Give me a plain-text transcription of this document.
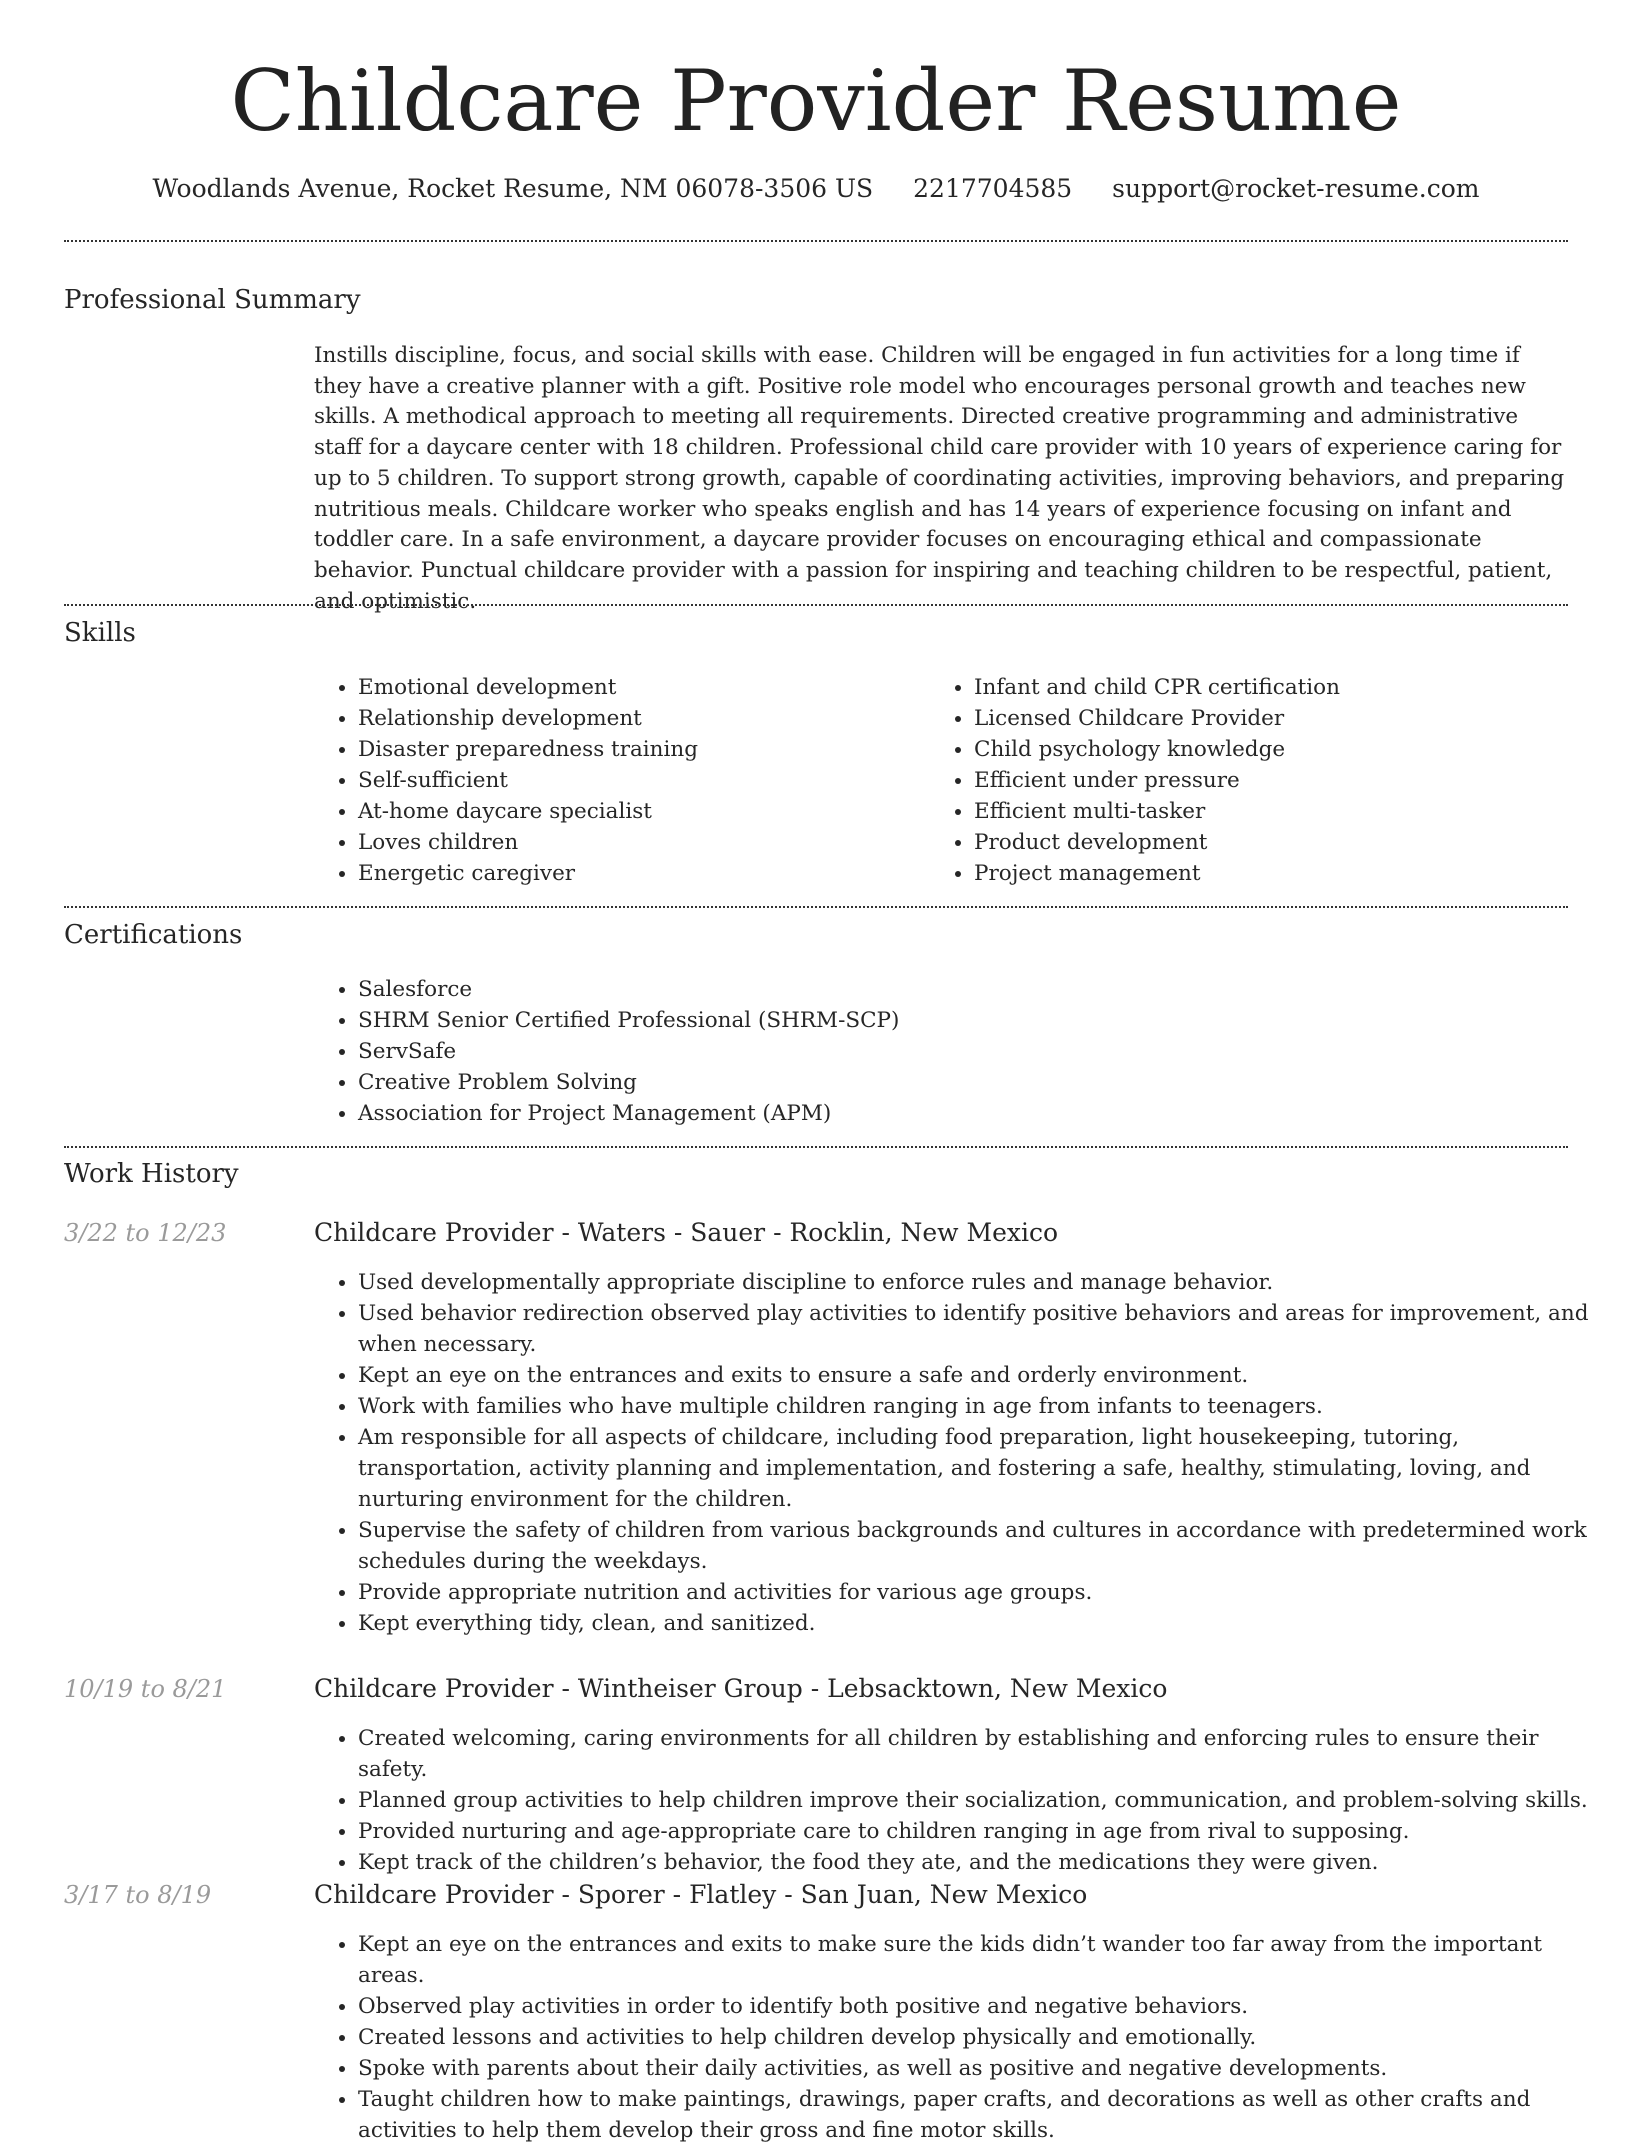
Childcare Provider Resume
Woodlands Avenue, Rocket Resume, NM 06078-3506 US 2217704585 support@rocket-resume.com
Professional Summary

Instills discipline, focus, and social skills with ease. Children will be engaged in fun activities for a long time if they have a creative planner with a gift. Positive role model who encourages personal growth and teaches new skills. A methodical approach to meeting all requirements. Directed creative programming and administrative staff for a daycare center with 18 children. Professional child care provider with 10 years of experience caring for up to 5 children. To support strong growth, capable of coordinating activities, improving behaviors, and preparing nutritious meals. Childcare worker who speaks english and has 14 years of experience focusing on infant and toddler care. In a safe environment, a daycare provider focuses on encouraging ethical and compassionate behavior. Punctual childcare provider with a passion for inspiring and teaching children to be respectful, patient, and optimistic.

Skills
• Emotional development
• Relationship development
• Disaster preparedness training
• Self-sufficient
• At-home daycare specialist
• Loves children
• Energetic caregiver
• Infant and child CPR certification
• Licensed Childcare Provider
• Child psychology knowledge
• Efficient under pressure
• Efficient multi-tasker
• Product development
• Project management
Certifications
• Salesforce
• SHRM Senior Certified Professional (SHRM-SCP)
• ServSafe
• Creative Problem Solving
• Association for Project Management (APM)
Work History
3/22 to 12/23	Childcare Provider - Waters - Sauer - Rocklin, New Mexico
• Used developmentally appropriate discipline to enforce rules and manage behavior.
• Used behavior redirection observed play activities to identify positive behaviors and areas for improvement, and when necessary.
• Kept an eye on the entrances and exits to ensure a safe and orderly environment.
• Work with families who have multiple children ranging in age from infants to teenagers.
• Am responsible for all aspects of childcare, including food preparation, light housekeeping, tutoring, transportation, activity planning and implementation, and fostering a safe, healthy, stimulating, loving, and nurturing environment for the children.
• Supervise the safety of children from various backgrounds and cultures in accordance with predetermined work schedules during the weekdays.
• Provide appropriate nutrition and activities for various age groups.
• Kept everything tidy, clean, and sanitized.
10/19 to 8/21	Childcare Provider - Wintheiser Group - Lebsacktown, New Mexico
• Created welcoming, caring environments for all children by establishing and enforcing rules to ensure their safety.
• Planned group activities to help children improve their socialization, communication, and problem-solving skills.
• Provided nurturing and age-appropriate care to children ranging in age from rival to supposing.
• Kept track of the children’s behavior, the food they ate, and the medications they were given.
3/17 to 8/19	Childcare Provider - Sporer - Flatley - San Juan, New Mexico
• Kept an eye on the entrances and exits to make sure the kids didn’t wander too far away from the important areas.
• Observed play activities in order to identify both positive and negative behaviors.
• Created lessons and activities to help children develop physically and emotionally.
• Spoke with parents about their daily activities, as well as positive and negative developments.
• Taught children how to make paintings, drawings, paper crafts, and decorations as well as other crafts and activities to help them develop their gross and fine motor skills.
